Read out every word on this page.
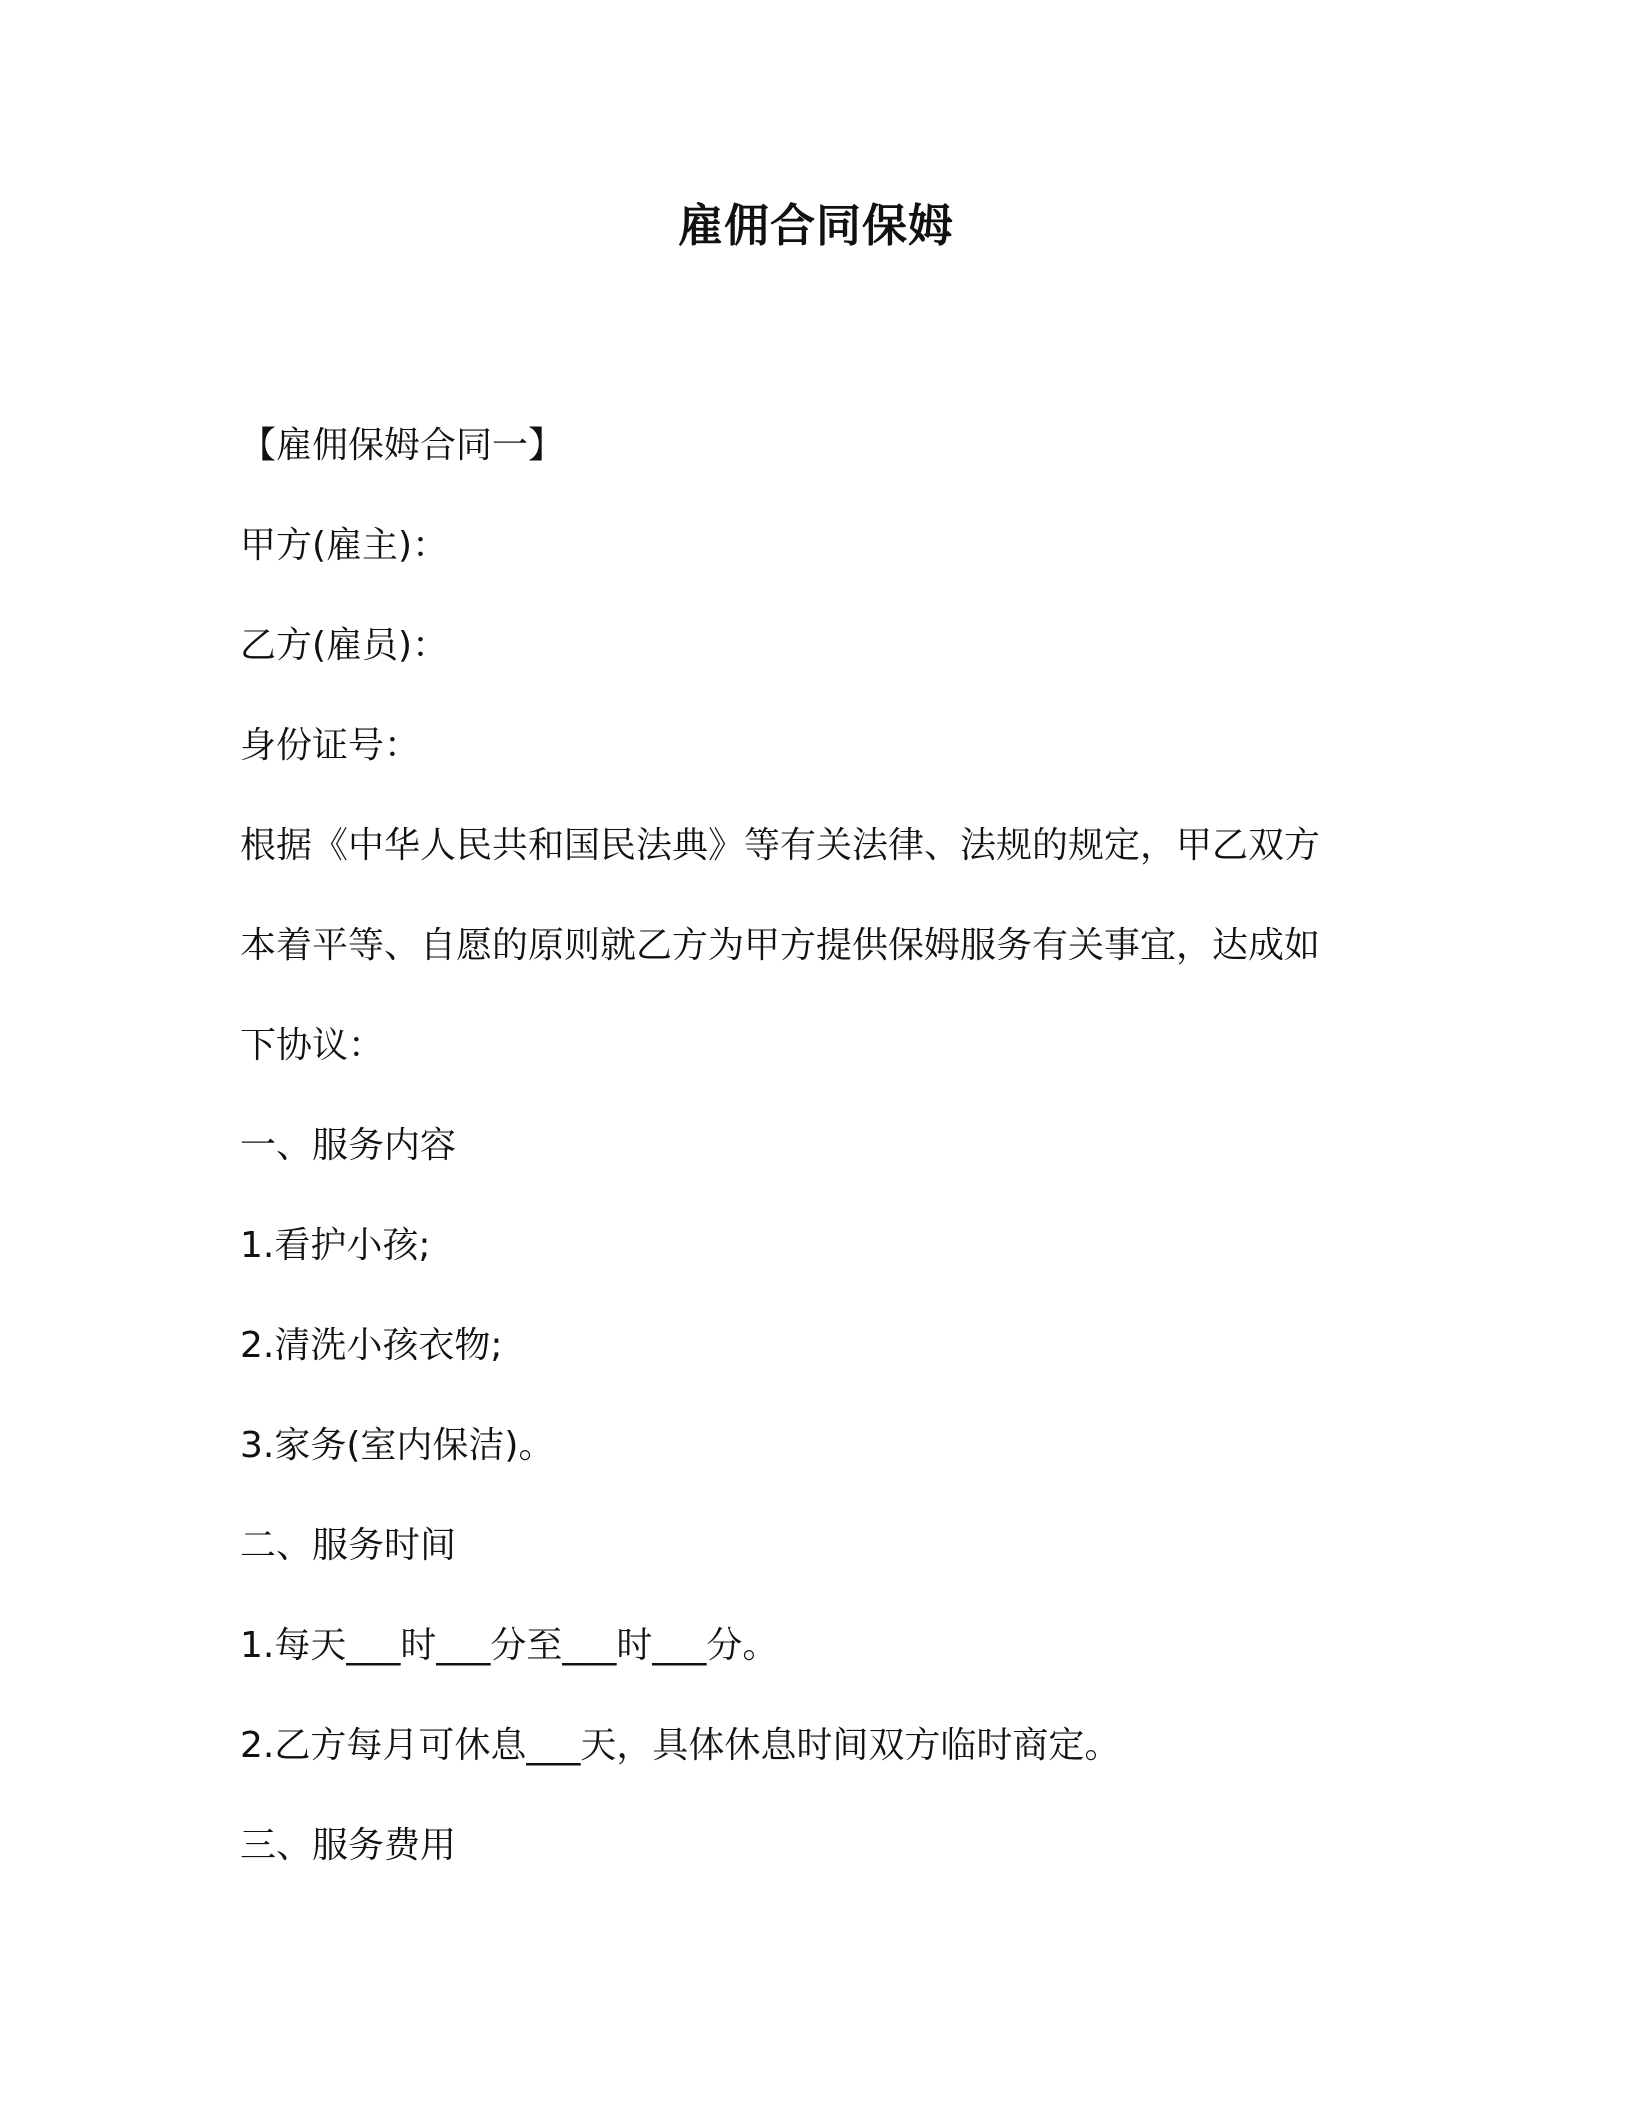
雇佣合同保姆
【雇佣保姆合同一】
甲方(雇主)：
乙方(雇员)：
身份证号：
根据《中华人民共和国民法典》等有关法律、法规的规定，甲乙双方
本着平等、自愿的原则就乙方为甲方提供保姆服务有关事宜，达成如
下协议：
一、服务内容
1.看护小孩;
2.清洗小孩衣物;
3.家务(室内保洁)。
二、服务时间
1.每天___时___分至___时___分。
2.乙方每月可休息___天，具体休息时间双方临时商定。
三、服务费用
